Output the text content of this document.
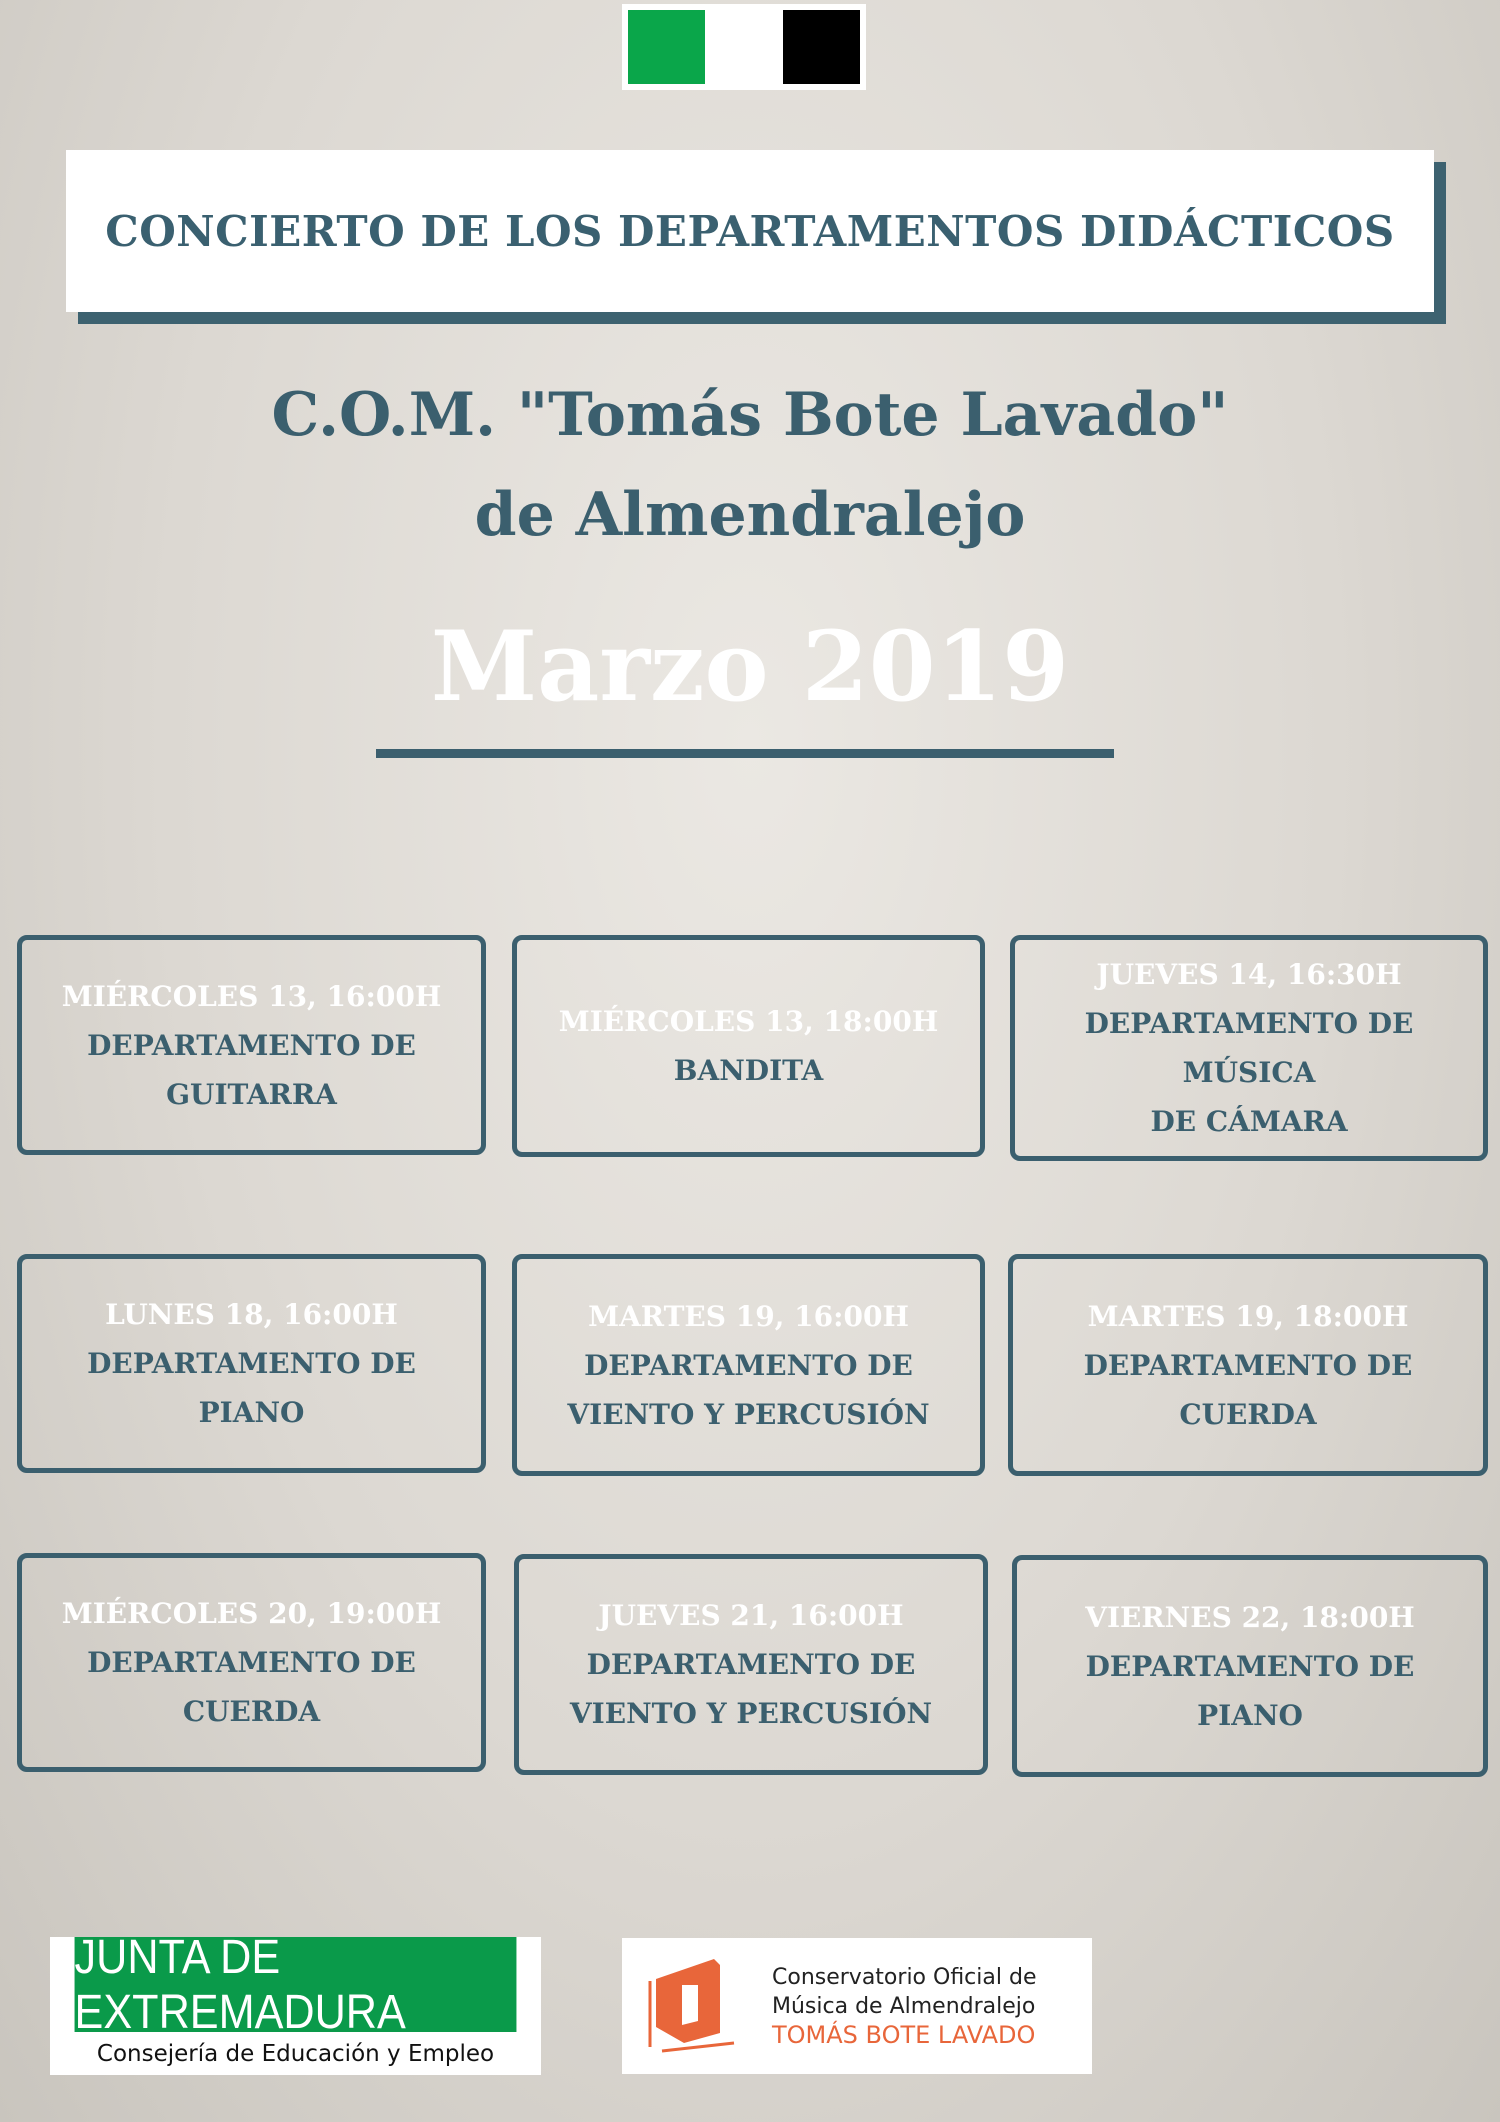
CONCIERTO DE LOS DEPARTAMENTOS DIDÁCTICOS
C.O.M. "Tomás Bote Lavado"
de Almendralejo
Marzo 2019
MIÉRCOLES 13, 16:00H
DEPARTAMENTO DE
GUITARRA
MIÉRCOLES 13, 18:00H
BANDITA
JUEVES 14, 16:30H
DEPARTAMENTO DE MÚSICA
DE CÁMARA
LUNES 18, 16:00H
DEPARTAMENTO DE
PIANO
MARTES 19, 16:00H
DEPARTAMENTO DE
VIENTO Y PERCUSIÓN
MARTES 19, 18:00H
DEPARTAMENTO DE
CUERDA
MIÉRCOLES 20, 19:00H
DEPARTAMENTO DE
CUERDA
JUEVES 21, 16:00H
DEPARTAMENTO DE
VIENTO Y PERCUSIÓN
VIERNES 22, 18:00H
DEPARTAMENTO DE
PIANO
JUNTA DE EXTREMADURA
Consejería de Educación y Empleo
Conservatorio Oficial de
Música de Almendralejo
TOMÁS BOTE LAVADO
